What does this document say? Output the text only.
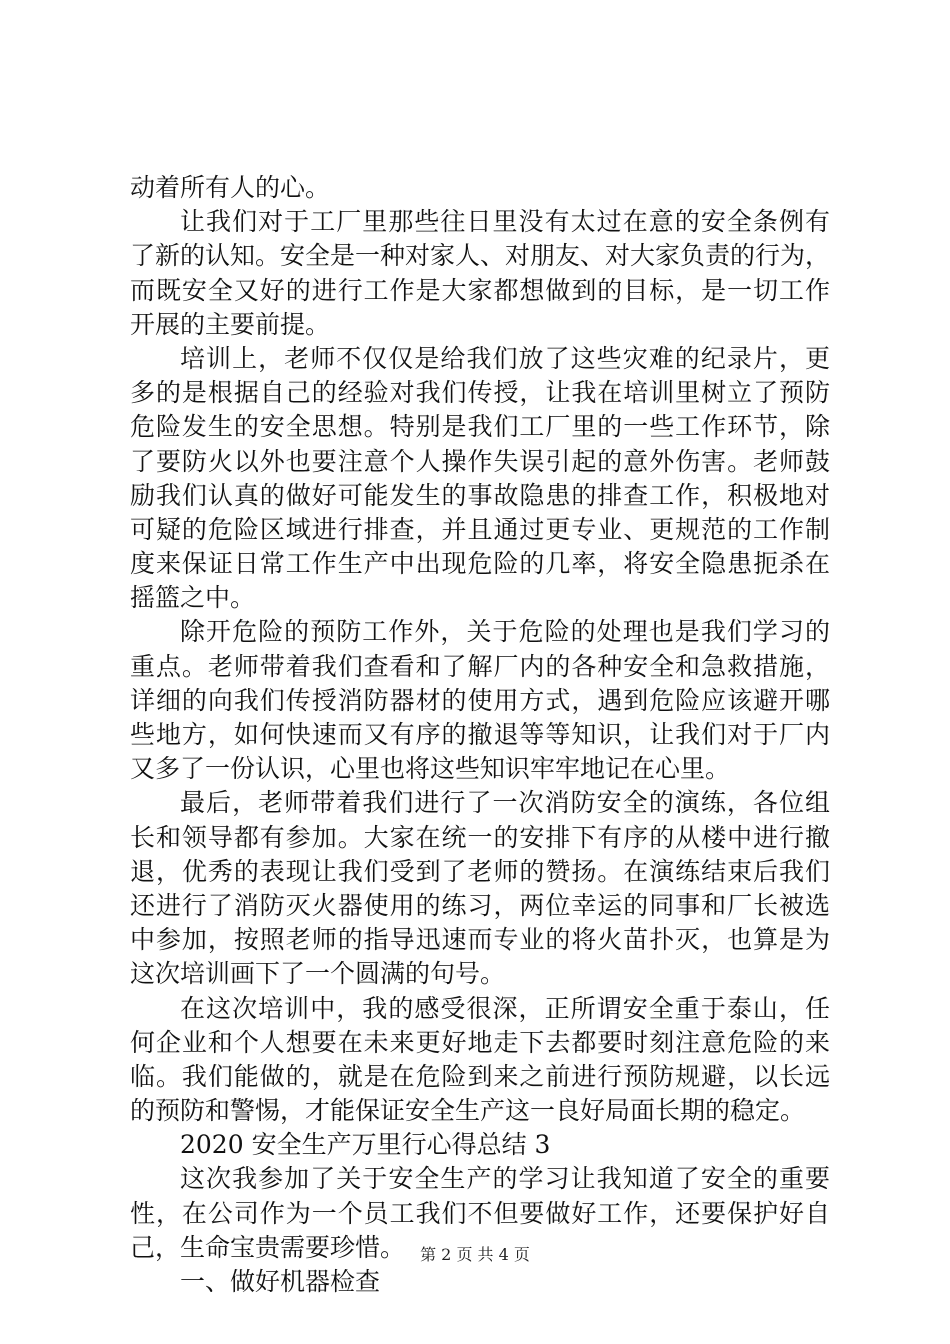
动着所有人的心。
让我们对于工厂里那些往日里没有太过在意的安全条例有
了新的认知。安全是一种对家人、对朋友、对大家负责的行为，
而既安全又好的进行工作是大家都想做到的目标，是一切工作
开展的主要前提。
培训上，老师不仅仅是给我们放了这些灾难的纪录片，更
多的是根据自己的经验对我们传授，让我在培训里树立了预防
危险发生的安全思想。特别是我们工厂里的一些工作环节，除
了要防火以外也要注意个人操作失误引起的意外伤害。老师鼓
励我们认真的做好可能发生的事故隐患的排查工作，积极地对
可疑的危险区域进行排查，并且通过更专业、更规范的工作制
度来保证日常工作生产中出现危险的几率，将安全隐患扼杀在
摇篮之中。
除开危险的预防工作外，关于危险的处理也是我们学习的
重点。老师带着我们查看和了解厂内的各种安全和急救措施，
详细的向我们传授消防器材的使用方式，遇到危险应该避开哪
些地方，如何快速而又有序的撤退等等知识，让我们对于厂内
又多了一份认识，心里也将这些知识牢牢地记在心里。
最后，老师带着我们进行了一次消防安全的演练，各位组
长和领导都有参加。大家在统一的安排下有序的从楼中进行撤
退，优秀的表现让我们受到了老师的赞扬。在演练结束后我们
还进行了消防灭火器使用的练习，两位幸运的同事和厂长被选
中参加，按照老师的指导迅速而专业的将火苗扑灭，也算是为
这次培训画下了一个圆满的句号。
在这次培训中，我的感受很深，正所谓安全重于泰山，任
何企业和个人想要在未来更好地走下去都要时刻注意危险的来
临。我们能做的，就是在危险到来之前进行预防规避，以长远
的预防和警惕，才能保证安全生产这一良好局面长期的稳定。
2020 安全生产万里行心得总结 3
这次我参加了关于安全生产的学习让我知道了安全的重要
性，在公司作为一个员工我们不但要做好工作，还要保护好自
己，生命宝贵需要珍惜。
一、做好机器检查
第 2 页 共 4 页
